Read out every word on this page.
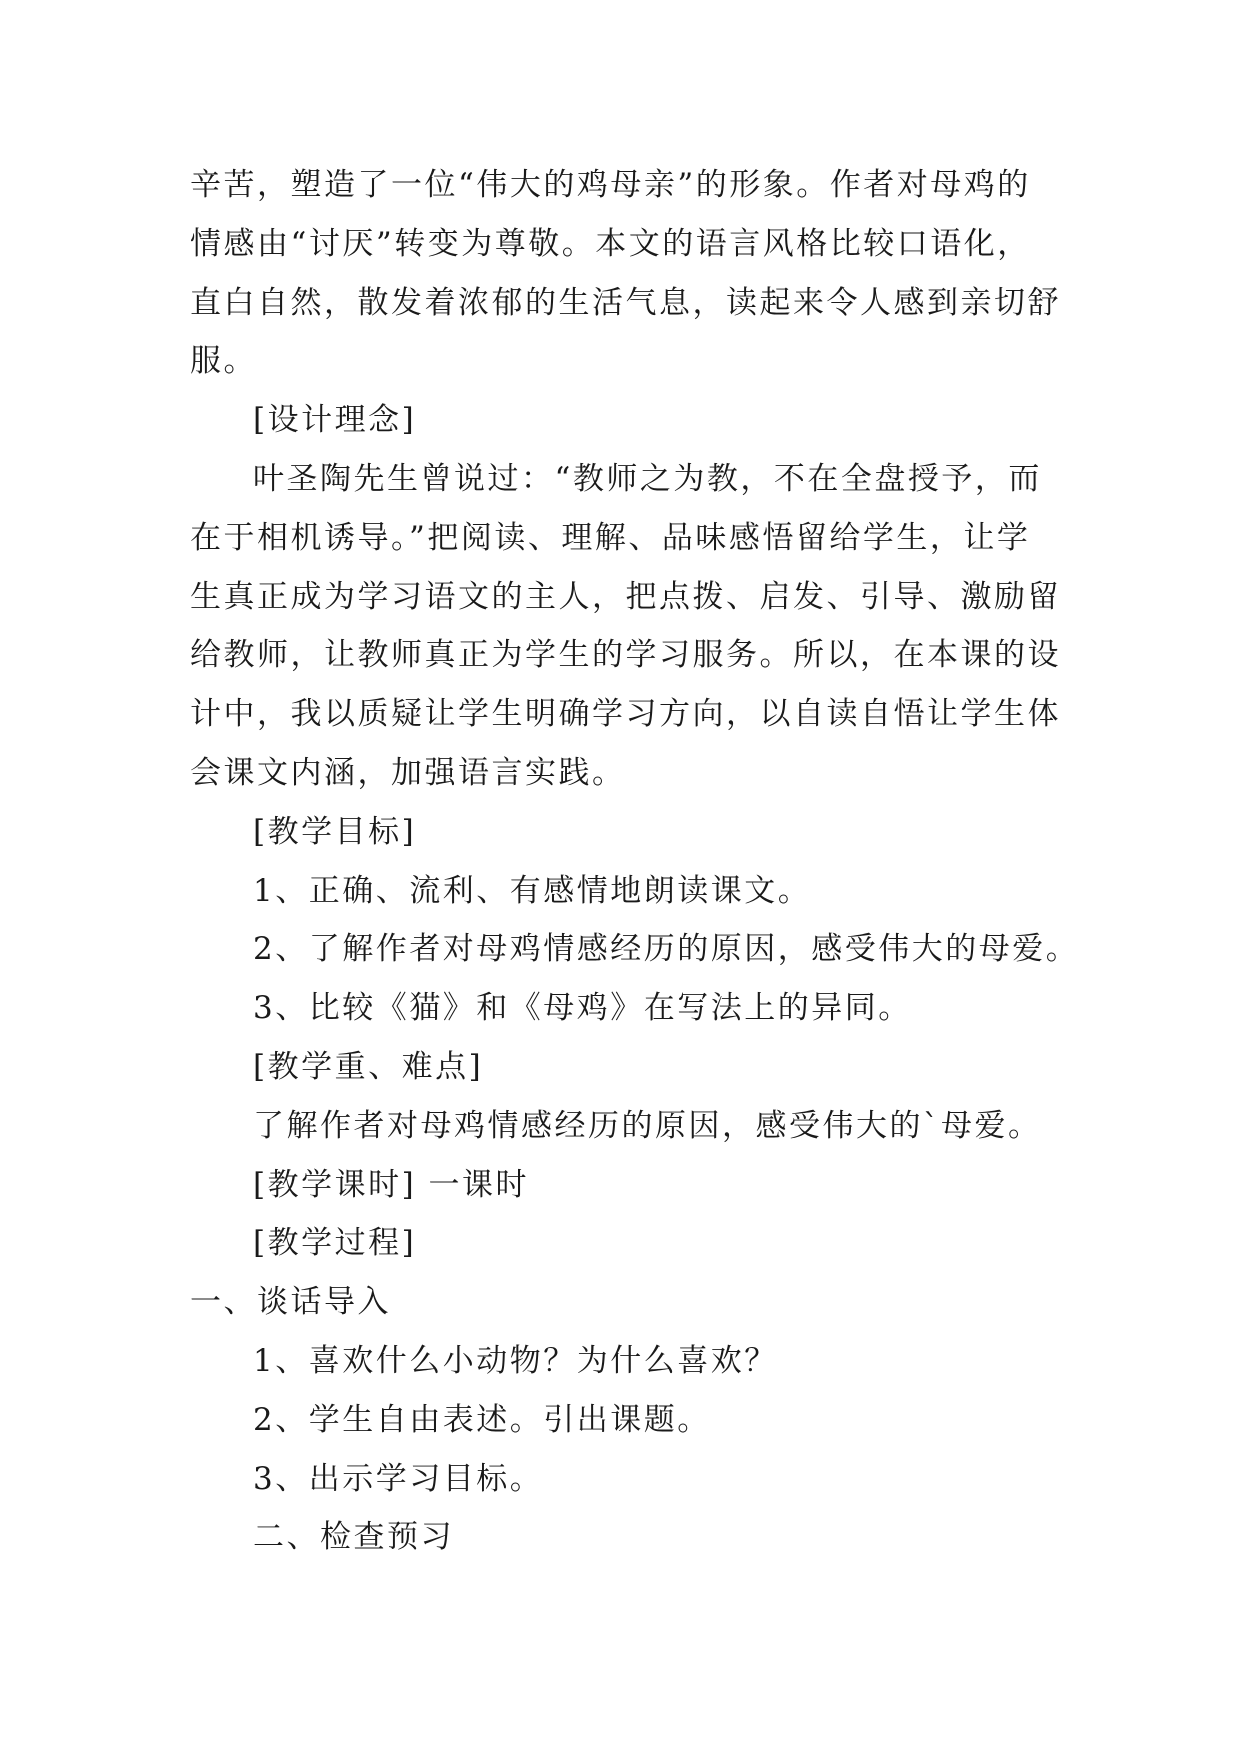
辛苦，塑造了一位“伟大的鸡母亲”的形象。作者对母鸡的
情感由“讨厌”转变为尊敬。本文的语言风格比较口语化，
直白自然，散发着浓郁的生活气息，读起来令人感到亲切舒
服。
[设计理念]
叶圣陶先生曾说过：“教师之为教，不在全盘授予，而
在于相机诱导。”把阅读、理解、品味感悟留给学生，让学
生真正成为学习语文的主人，把点拨、启发、引导、激励留
给教师，让教师真正为学生的学习服务。所以，在本课的设
计中，我以质疑让学生明确学习方向，以自读自悟让学生体
会课文内涵，加强语言实践。
[教学目标]
1、正确、流利、有感情地朗读课文。
2、了解作者对母鸡情感经历的原因，感受伟大的母爱。
3、比较《猫》和《母鸡》在写法上的异同。
[教学重、难点]
了解作者对母鸡情感经历的原因，感受伟大的`母爱。
[教学课时] 一课时
[教学过程]
一、谈话导入
1、喜欢什么小动物？为什么喜欢？
2、学生自由表述。引出课题。
3、出示学习目标。
二、检查预习
